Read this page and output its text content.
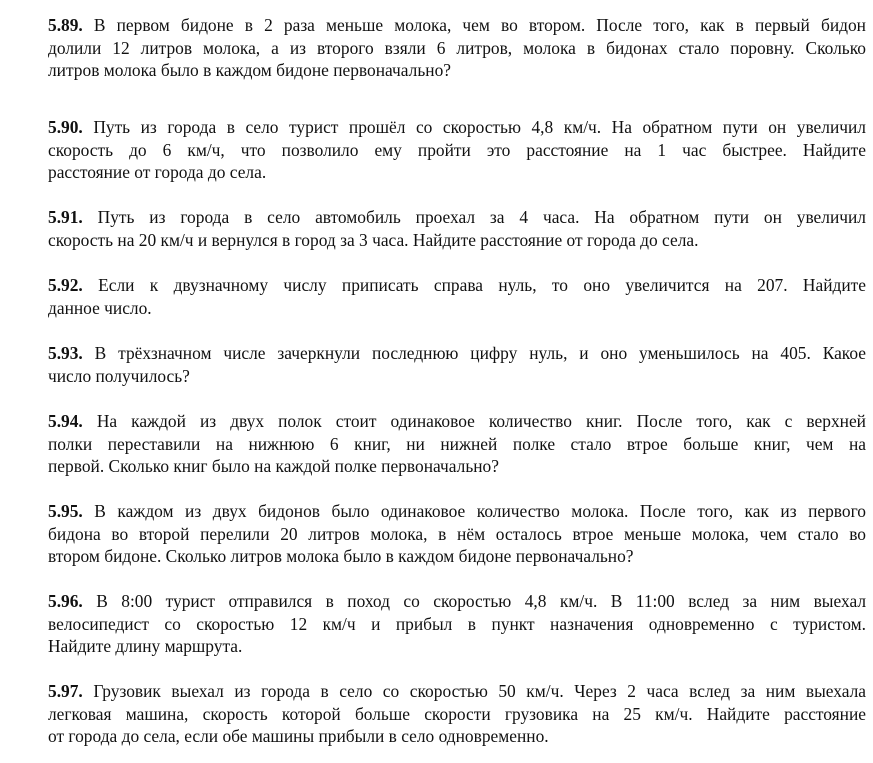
5.89. В первом бидоне в 2 раза меньше молока, чем во втором. После того, как в первый бидон
долили 12 литров молока, а из второго взяли 6 литров, молока в бидонах стало поровну. Сколько
литров молока было в каждом бидоне первоначально?
5.90. Путь из города в село турист прошёл со скоростью 4,8 км/ч. На обратном пути он увеличил
скорость до 6 км/ч, что позволило ему пройти это расстояние на 1 час быстрее. Найдите
расстояние от города до села.
5.91. Путь из города в село автомобиль проехал за 4 часа. На обратном пути он увеличил
скорость на 20 км/ч и вернулся в город за 3 часа. Найдите расстояние от города до села.
5.92. Если к двузначному числу приписать справа нуль, то оно увеличится на 207. Найдите
данное число.
5.93. В трёхзначном числе зачеркнули последнюю цифру нуль, и оно уменьшилось на 405. Какое
число получилось?
5.94. На каждой из двух полок стоит одинаковое количество книг. После того, как с верхней
полки переставили на нижнюю 6 книг, ни нижней полке стало втрое больше книг, чем на
первой. Сколько книг было на каждой полке первоначально?
5.95. В каждом из двух бидонов было одинаковое количество молока. После того, как из первого
бидона во второй перелили 20 литров молока, в нём осталось втрое меньше молока, чем стало во
втором бидоне. Сколько литров молока было в каждом бидоне первоначально?
5.96. В 8:00 турист отправился в поход со скоростью 4,8 км/ч. В 11:00 вслед за ним выехал
велосипедист со скоростью 12 км/ч и прибыл в пункт назначения одновременно с туристом.
Найдите длину маршрута.
5.97. Грузовик выехал из города в село со скоростью 50 км/ч. Через 2 часа вслед за ним выехала
легковая машина, скорость которой больше скорости грузовика на 25 км/ч. Найдите расстояние
от города до села, если обе машины прибыли в село одновременно.
